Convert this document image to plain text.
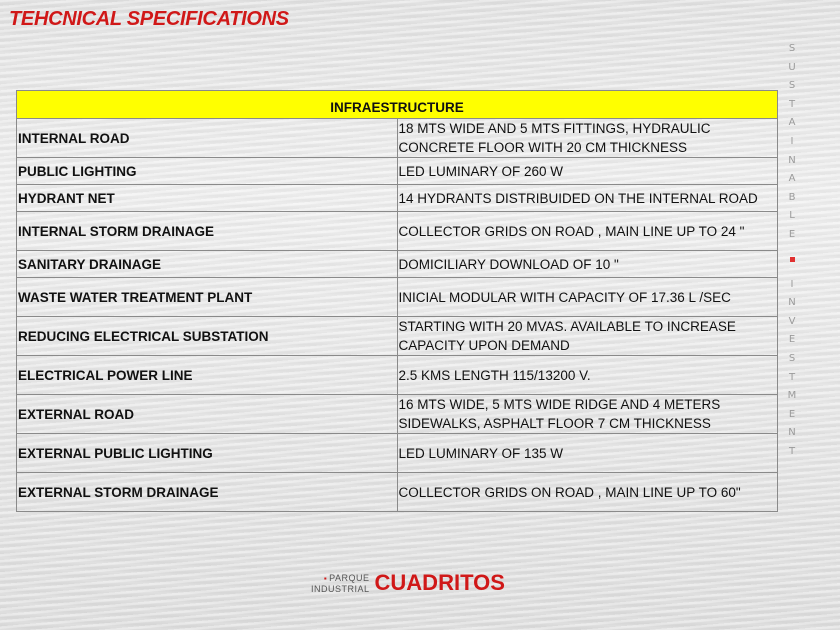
TEHCNICAL SPECIFICATIONS
INFRAESTRUCTURE	
INTERNAL ROAD	18 MTS WIDE AND 5 MTS FITTINGS, HYDRAULIC CONCRETE FLOOR WITH 20 CM THICKNESS
PUBLIC LIGHTING	LED LUMINARY OF 260 W
HYDRANT NET	14 HYDRANTS DISTRIBUIDED ON THE INTERNAL ROAD
INTERNAL STORM DRAINAGE	COLLECTOR GRIDS ON ROAD , MAIN LINE UP TO 24 "
SANITARY DRAINAGE	DOMICILIARY DOWNLOAD OF 10 "
WASTE WATER TREATMENT PLANT	INICIAL MODULAR WITH CAPACITY OF 17.36 L /SEC
REDUCING ELECTRICAL SUBSTATION	STARTING WITH 20 MVAS. AVAILABLE TO INCREASE CAPACITY UPON DEMAND
ELECTRICAL POWER LINE	2.5 KMS LENGTH 115/13200 V.
EXTERNAL ROAD	16 MTS WIDE, 5 MTS WIDE RIDGE AND 4 METERS SIDEWALKS, ASPHALT FLOOR 7 CM THICKNESS
EXTERNAL PUBLIC LIGHTING	LED LUMINARY OF 135 W
EXTERNAL STORM DRAINAGE	COLLECTOR GRIDS ON ROAD , MAIN LINE UP TO 60"
S
U
S
T
A
I
N
A
B
L
E
I
N
V
E
S
T
M
E
N
T
▪ PARQUE
INDUSTRIAL CUADRITOS
